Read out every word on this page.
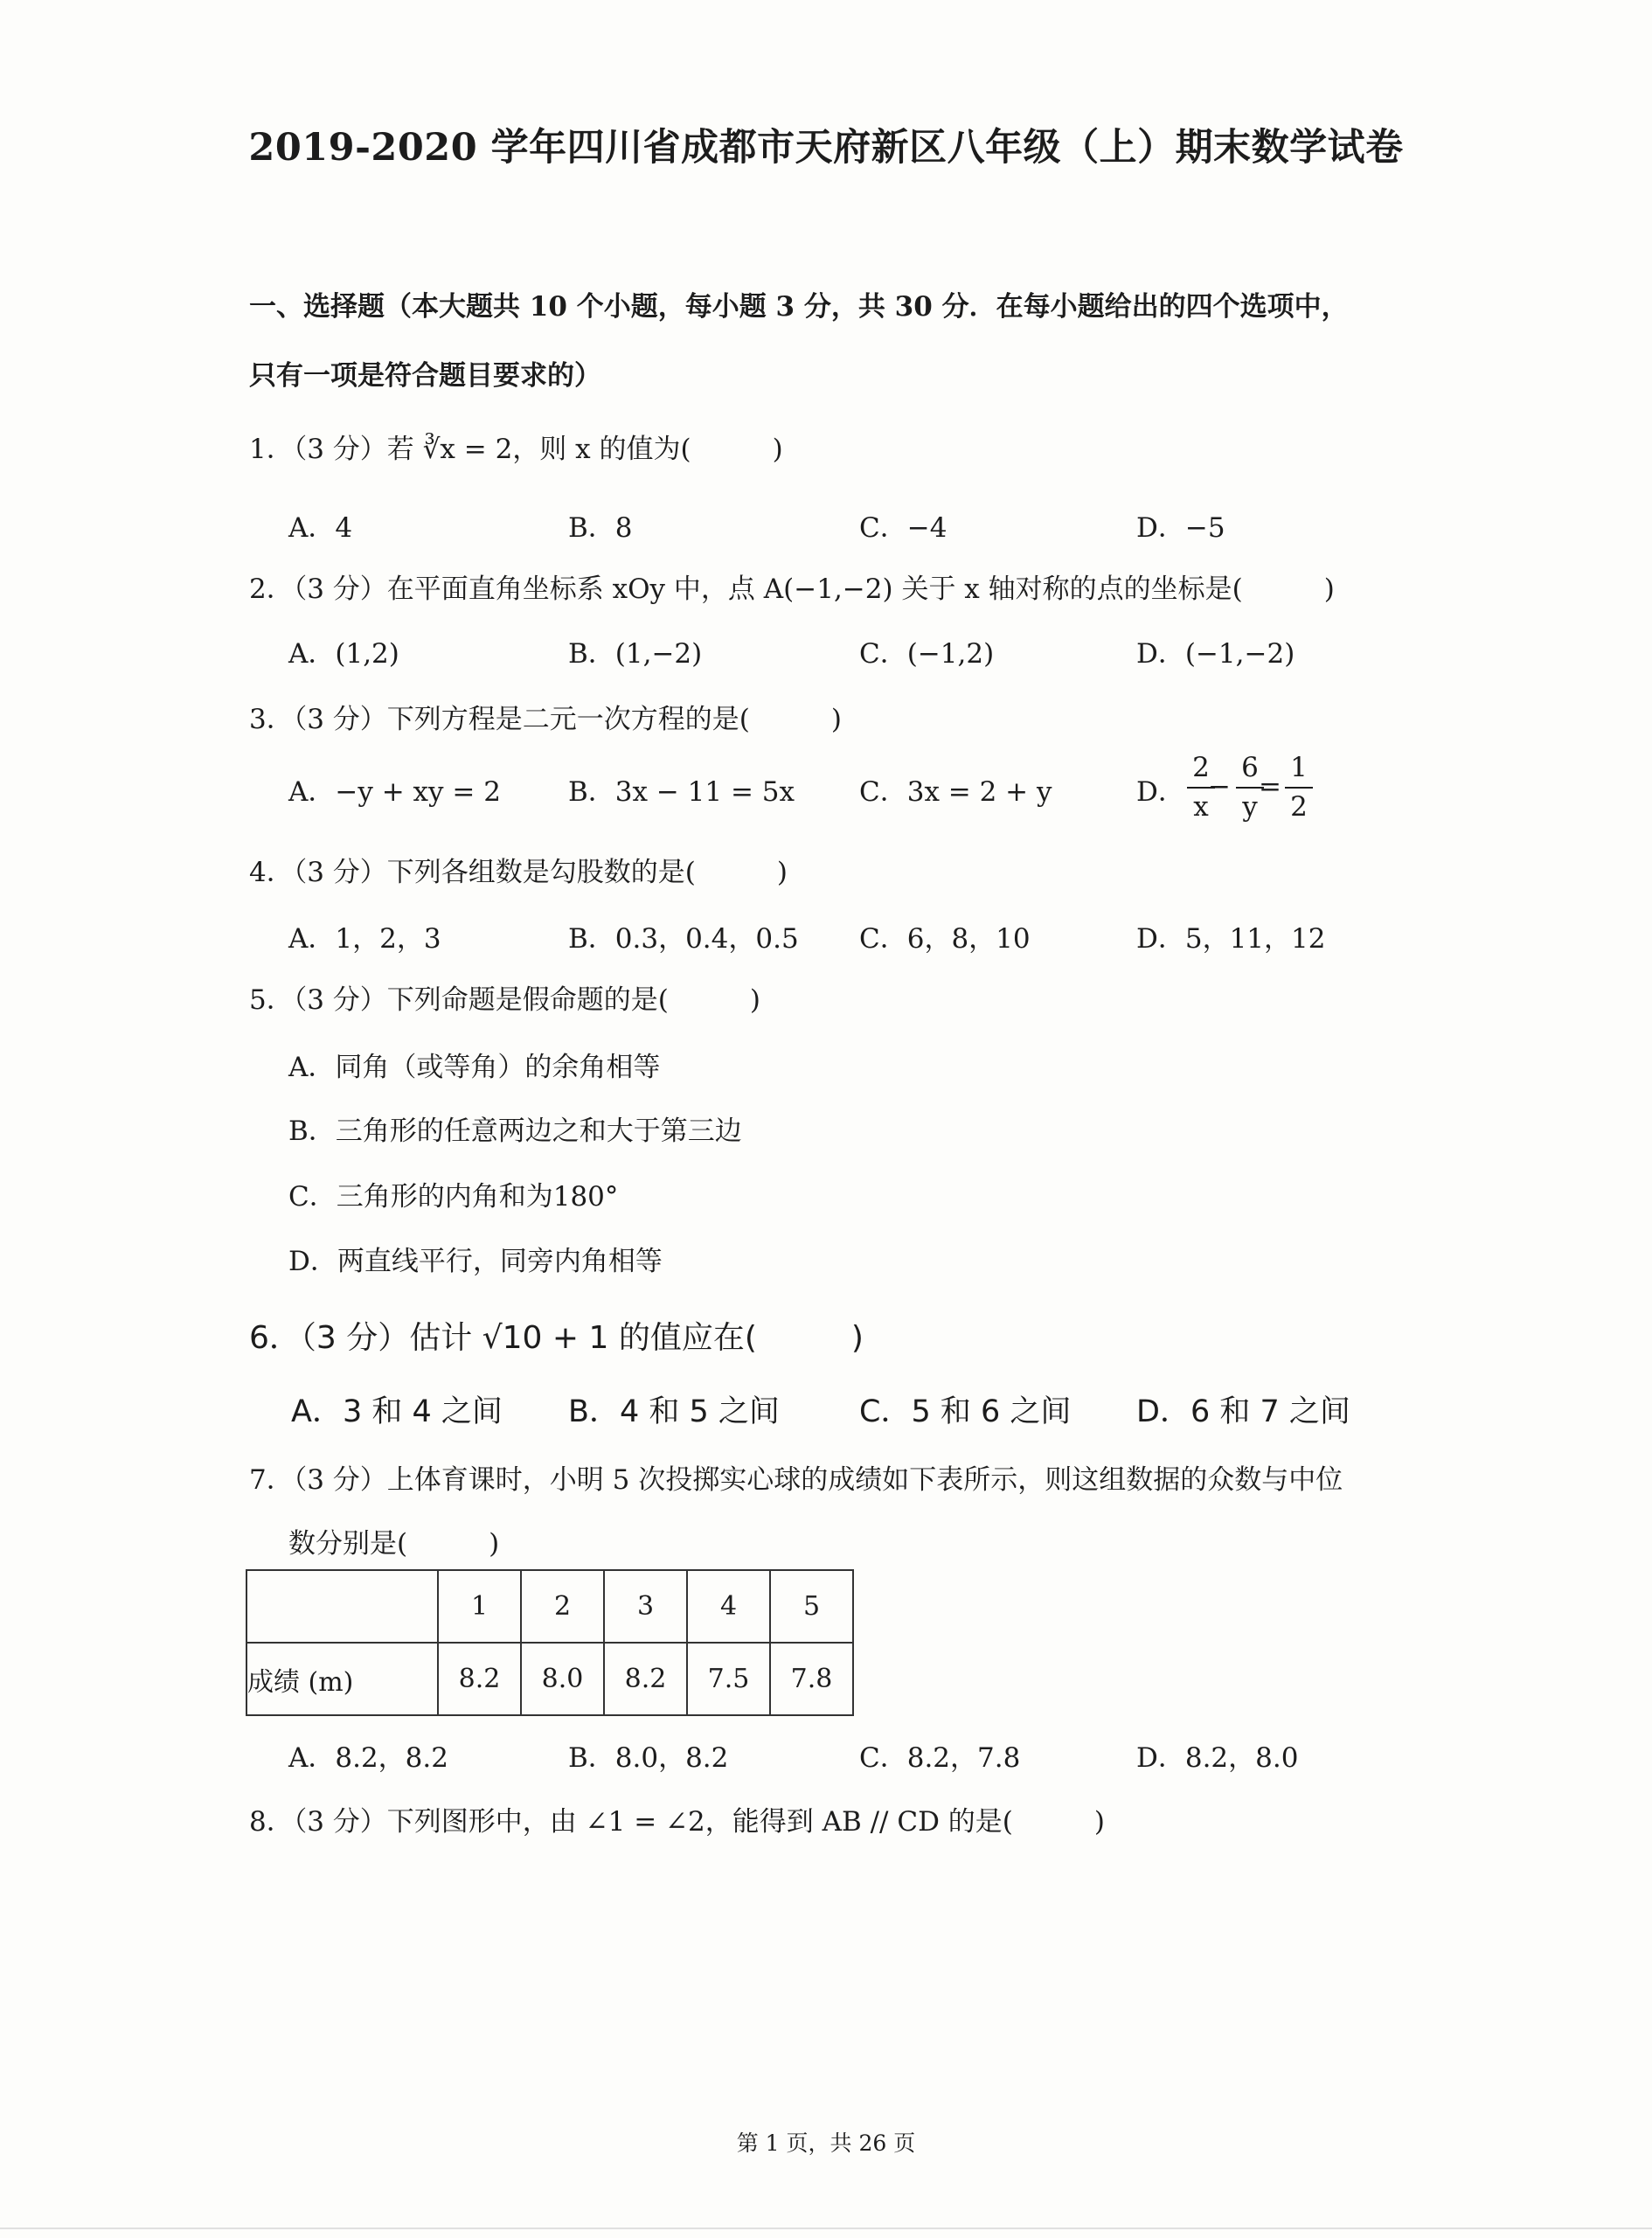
2019-2020 学年四川省成都市天府新区八年级（上）期末数学试卷
一、选择题（本大题共 10 个小题，每小题 3 分，共 30 分．在每小题给出的四个选项中，
只有一项是符合题目要求的）
1．（3 分）若 ∛x = 2，则 x 的值为(　　　)
A．4	B．8	C．−4	D．−5
2．（3 分）在平面直角坐标系 xOy 中，点 A(−1,−2) 关于 x 轴对称的点的坐标是(　　　)
A．(1,2)	B．(1,−2)	C．(−1,2)	D．(−1,−2)
3．（3 分）下列方程是二元一次方程的是(　　　)
A．−y + xy = 2 B．3x − 11 = 5x C．3x = 2 + y	D．
2
x
−
6
y
=
1
2
4．（3 分）下列各组数是勾股数的是(　　　)
A．1，2，3	B．0.3，0.4，0.5 C．6，8，10	D．5，11，12
5．（3 分）下列命题是假命题的是(　　　)
A．同角（或等角）的余角相等
B．三角形的任意两边之和大于第三边
C．三角形的内角和为180°
D．两直线平行，同旁内角相等
6．（3 分）估计 √10 + 1 的值应在(　　　)
A．3 和 4 之间 B．4 和 5 之间	C．5 和 6 之间 D．6 和 7 之间
7．（3 分）上体育课时，小明 5 次投掷实心球的成绩如下表所示，则这组数据的众数与中位
数分别是(　　　)
	1	2	3	4	5
成绩 (m)	8.2	8.0	8.2	7.5	7.8
A．8.2，8.2	B．8.0，8.2	C．8.2，7.8	D．8.2，8.0
8．（3 分）下列图形中，由 ∠1 = ∠2，能得到 AB // CD 的是(　　　)
第 1 页，共 26 页
